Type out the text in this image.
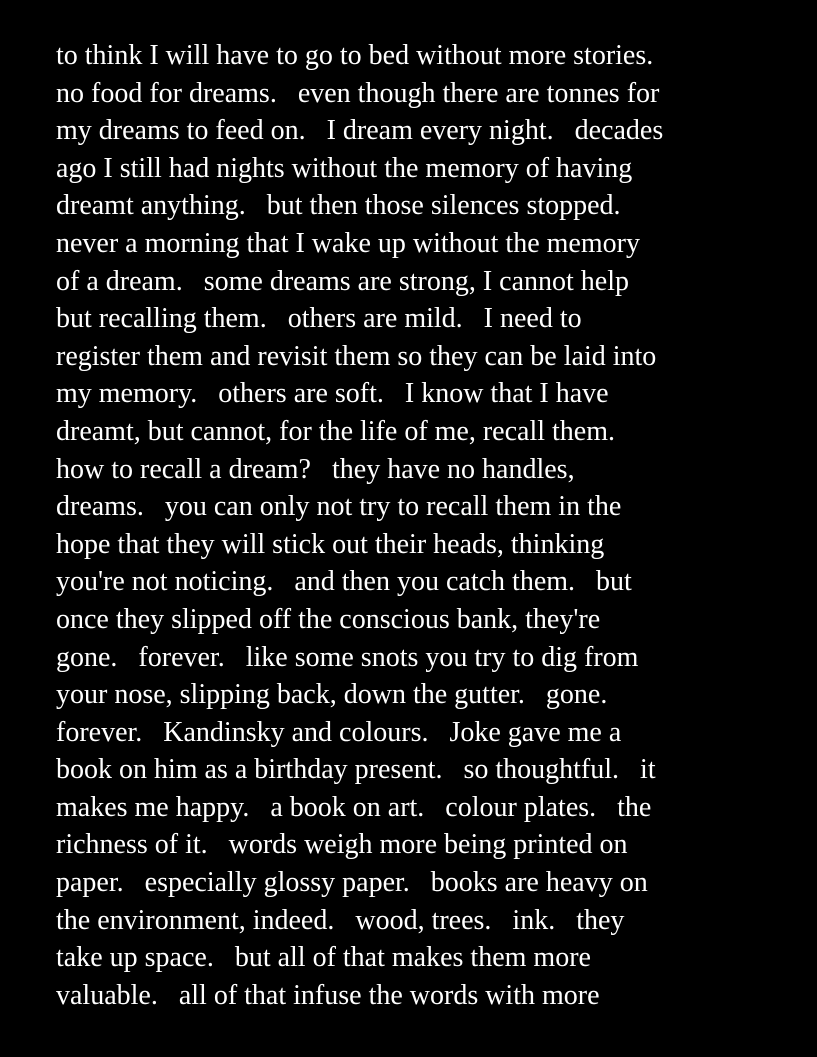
to think I will have to go to bed without more stories.
no food for dreams.   even though there are tonnes for
my dreams to feed on.   I dream every night.   decades
ago I still had nights without the memory of having
dreamt anything.   but then those silences stopped.
never a morning that I wake up without the memory
of a dream.   some dreams are strong, I cannot help
but recalling them.   others are mild.   I need to
register them and revisit them so they can be laid into
my memory.   others are soft.   I know that I have
dreamt, but cannot, for the life of me, recall them.
how to recall a dream?   they have no handles,
dreams.   you can only not try to recall them in the
hope that they will stick out their heads, thinking
you're not noticing.   and then you catch them.   but
once they slipped off the conscious bank, they're
gone.   forever.   like some snots you try to dig from
your nose, slipping back, down the gutter.   gone.
forever.   Kandinsky and colours.   Joke gave me a
book on him as a birthday present.   so thoughtful.   it
makes me happy.   a book on art.   colour plates.   the
richness of it.   words weigh more being printed on
paper.   especially glossy paper.   books are heavy on
the environment, indeed.   wood, trees.   ink.   they
take up space.   but all of that makes them more
valuable.   all of that infuse the words with more
